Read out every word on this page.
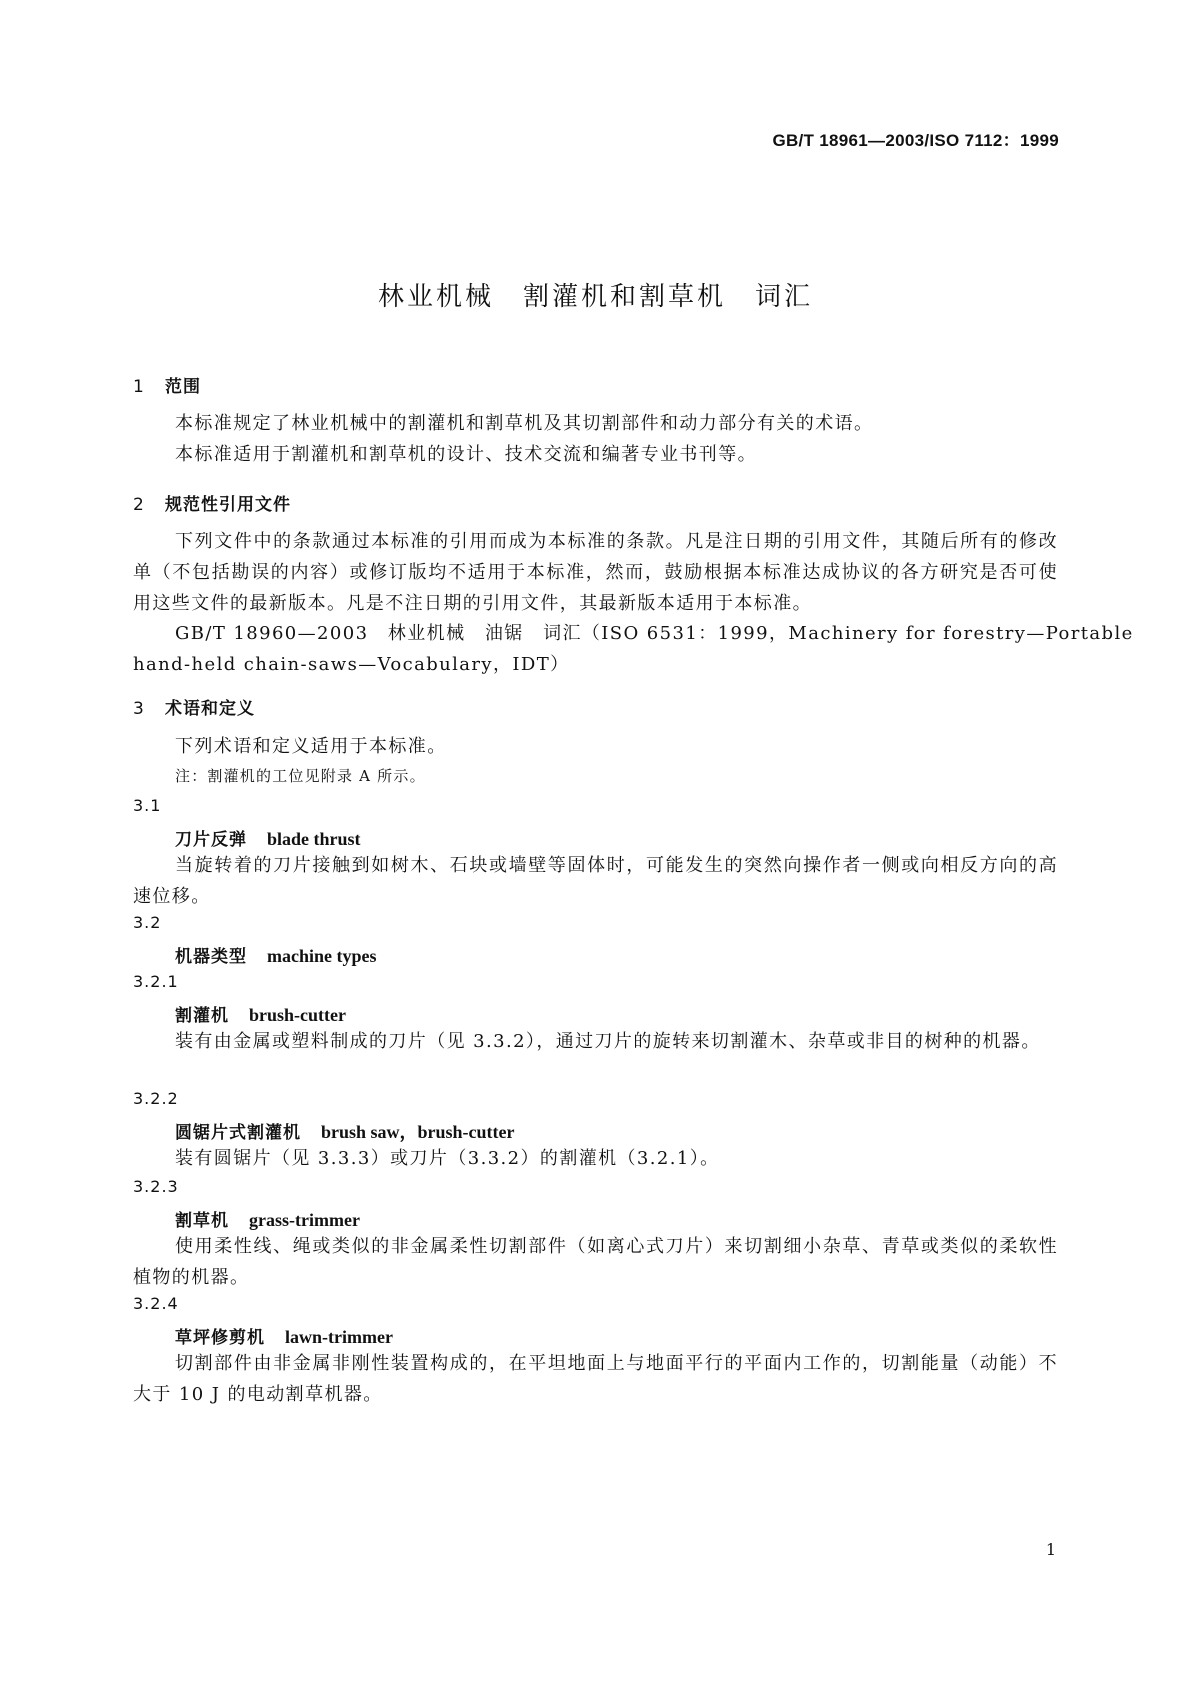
GB/T 18961—2003/ISO 7112：1999
林业机械　割灌机和割草机　词汇
1 范围
本标准规定了林业机械中的割灌机和割草机及其切割部件和动力部分有关的术语。
本标准适用于割灌机和割草机的设计、技术交流和编著专业书刊等。
2 规范性引用文件
下列文件中的条款通过本标准的引用而成为本标准的条款。凡是注日期的引用文件，其随后所有的修改单（不包括勘误的内容）或修订版均不适用于本标准，然而，鼓励根据本标准达成协议的各方研究是否可使用这些文件的最新版本。凡是不注日期的引用文件，其最新版本适用于本标准。
GB/T 18960—2003　林业机械　油锯　词汇（ISO 6531：1999，Machinery for forestry—Portable
hand-held chain-saws—Vocabulary，IDT）
3 术语和定义
下列术语和定义适用于本标准。
注：割灌机的工位见附录 A 所示。
3.1
刀片反弹 blade thrust
当旋转着的刀片接触到如树木、石块或墙壁等固体时，可能发生的突然向操作者一侧或向相反方向的高速位移。
3.2
机器类型 machine types
3.2.1
割灌机 brush-cutter
装有由金属或塑料制成的刀片（见 3.3.2），通过刀片的旋转来切割灌木、杂草或非目的树种的机器。
3.2.2
圆锯片式割灌机 brush saw，brush-cutter
装有圆锯片（见 3.3.3）或刀片（3.3.2）的割灌机（3.2.1）。
3.2.3
割草机 grass-trimmer
使用柔性线、绳或类似的非金属柔性切割部件（如离心式刀片）来切割细小杂草、青草或类似的柔软性植物的机器。
3.2.4
草坪修剪机 lawn-trimmer
切割部件由非金属非刚性装置构成的，在平坦地面上与地面平行的平面内工作的，切割能量（动能）不大于 10 J 的电动割草机器。
1
